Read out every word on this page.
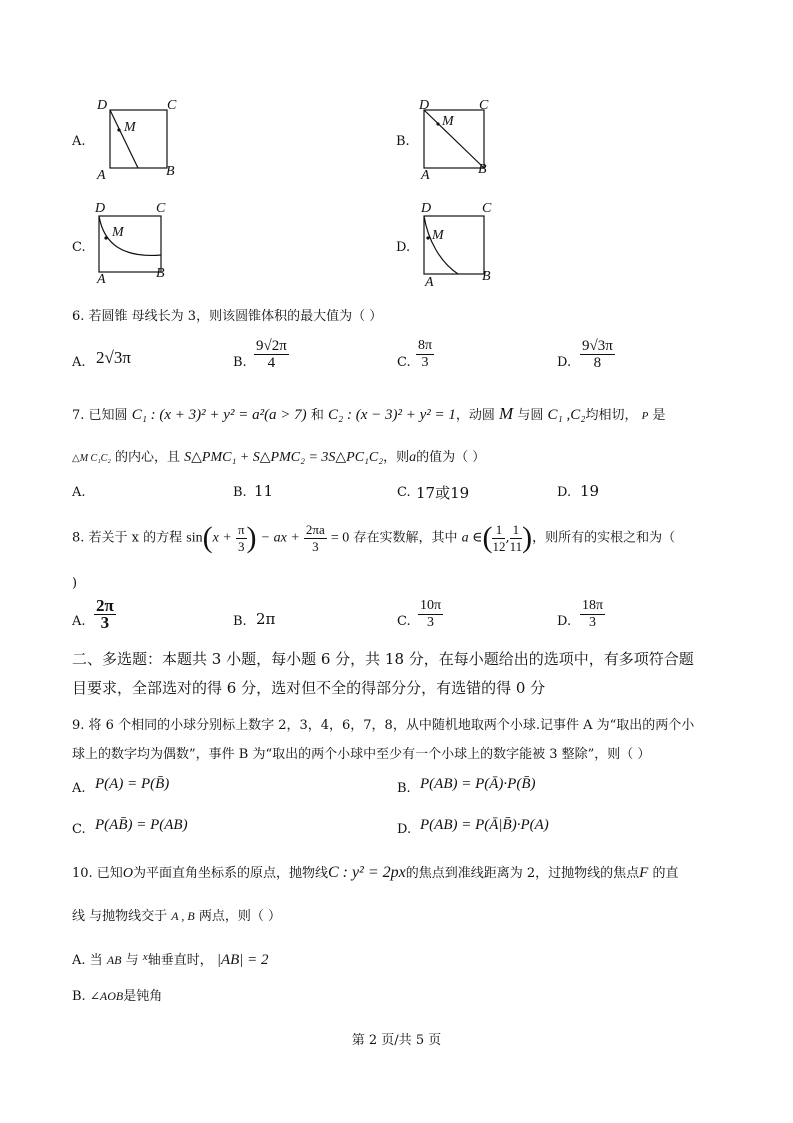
A.
D	C
M
A	B
B.
D	C
M
A	B
C.
D	C
M
A	B
D.
D	C
M
A	B
6. 若圆锥 母线长为 3，则该圆锥体积的最大值为（ ）
A. 2√3π	B. $\frac{9√2\pi}{4}$	C. $\frac{8\pi}{3}$	D. $\frac{9√3\pi}{8}$
7. 已知圆 C₁ : (x + 3)² + y² = a²(a > 7) 和 C₂ : (x − 3)² + y² = 1，动圆 M 与圆 C₁ ,C₂均相切， P 是
△M C₁C₂ 的内心，且 S△PMC₁ + S△PMC₂ = 3S△PC₁C₂，则a的值为（ ）
A.	B. 11	C. 17或19	D. 19
8. 若关于 x 的方程 $\sin(x + \frac{\pi}{3}$ ) − ax + $\frac{2\pi a}{3} = 0$ 存在实数解，其中 a ∈( $\frac{1}{12}$ , $\frac{1}{11}$ )，则所有的实根之和为（
)
A. $\frac{2\pi}{3}$	B. 2π	C. $\frac{10\pi}{3}$	D. $\frac{18\pi}{3}$
二、多选题：本题共 3 小题，每小题 6 分，共 18 分，在每小题给出的选项中，有多项符合题
目要求，全部选对的得 6 分，选对但不全的得部分分，有选错的得 0 分
9. 将 6 个相同的小球分别标上数字 2，3，4，6，7，8，从中随机地取两个小球.记事件 A 为“取出的两个小
球上的数字均为偶数”，事件 B 为“取出的两个小球中至少有一个小球上的数字能被 3 整除”，则（ ）
A. P(A) = P(B̄)	B. P(AB) = P(Ā)·P(B̄)
C. P(AB̄) = P(AB)	D. P(AB) = P(Ā|B̄)·P(A)
10. 已知O为平面直角坐标系的原点，抛物线C : y² = 2px的焦点到准线距离为 2，过抛物线的焦点F 的直
线 与抛物线交于 A , B 两点，则（ ）
A. 当 AB 与 $^x$轴垂直时， |AB| = 2
B. ∠AOB是钝角
第 2 页/共 5 页
